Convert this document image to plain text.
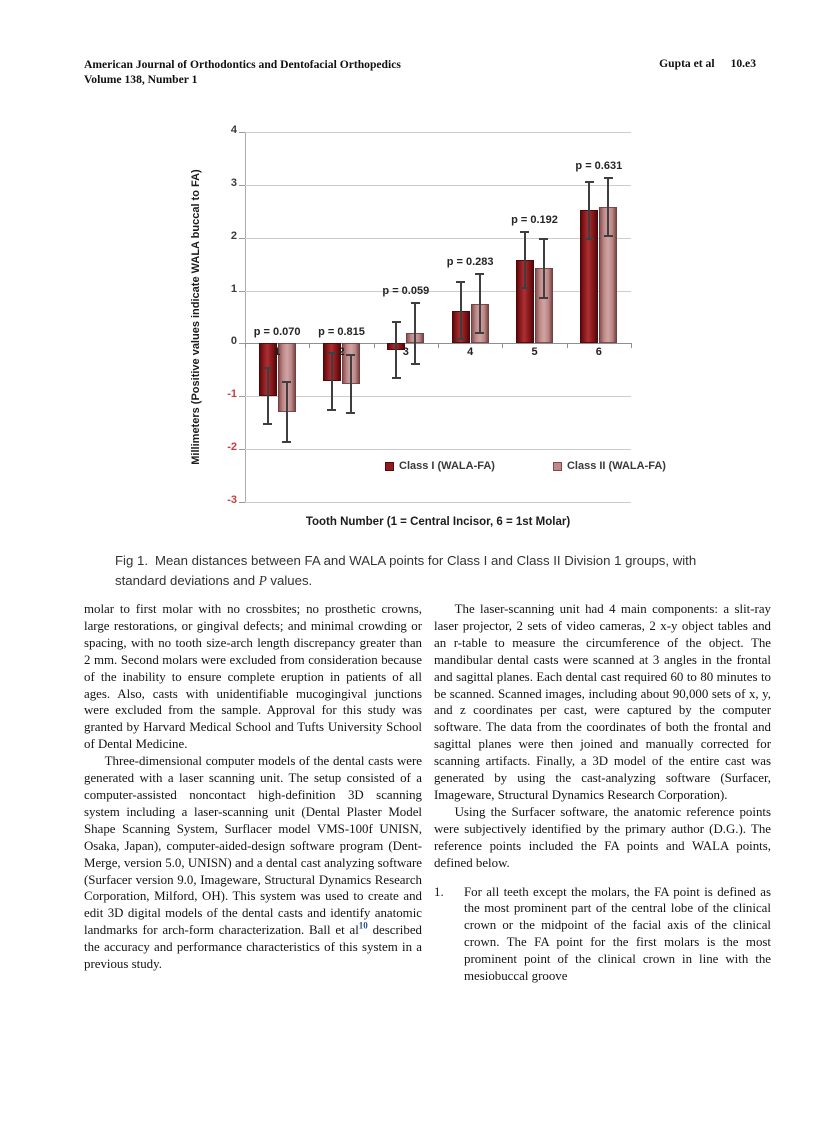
American Journal of Orthodontics and Dentofacial Orthopedics
Volume 138, Number 1
Gupta et al 10.e3
Millimeters (Positive values indicate WALA buccal to FA)
Class I (WALA-FA)	Class II (WALA-FA)
p = 0.070	p = 0.815
p = 0.059
p = 0.283
p = 0.192
p = 0.631
1	2	3	4	5	6
Tooth Number (1 = Central Incisor, 6 = 1st Molar)
4
3
2
1
0
-1
-2
-3
Fig 1. Mean distances between FA and WALA points for Class I and Class II Division 1 groups, with standard deviations and P values.

molar to first molar with no crossbites; no prosthetic crowns, large restorations, or gingival defects; and minimal crowding or spacing, with no tooth size-arch length discrepancy greater than 2 mm. Second molars were excluded from consideration because of the inability to ensure complete eruption in patients of all ages. Also, casts with unidentifiable mucogingival junctions were excluded from the sample. Approval for this study was granted by Harvard Medical School and Tufts University School of Dental Medicine.

Three-dimensional computer models of the dental casts were generated with a laser scanning unit. The setup consisted of a computer-assisted noncontact high-definition 3D scanning system including a laser-scanning unit (Dental Plaster Model Shape Scanning System, Surflacer model VMS-100f UNISN, Osaka, Japan), computer-aided-design software program (Dent-Merge, version 5.0, UNISN) and a dental cast analyzing software (Surfacer version 9.0, Imageware, Structural Dynamics Research Corporation, Milford, OH). This system was used to create and edit 3D digital models of the dental casts and identify anatomic landmarks for arch-form characterization. Ball et al$^{10}$ described the accuracy and performance characteristics of this system in a previous study.

The laser-scanning unit had 4 main components: a slit-ray laser projector, 2 sets of video cameras, 2 x-y object tables and an r-table to measure the circumference of the object. The mandibular dental casts were scanned at 3 angles in the frontal and sagittal planes. Each dental cast required 60 to 80 minutes to be scanned. Scanned images, including about 90,000 sets of x, y, and z coordinates per cast, were captured by the computer software. The data from the coordinates of both the frontal and sagittal planes were then joined and manually corrected for scanning artifacts. Finally, a 3D model of the entire cast was generated by using the cast-analyzing software (Surfacer, Imageware, Structural Dynamics Research Corporation).

Using the Surfacer software, the anatomic reference points were subjectively identified by the primary author (D.G.). The reference points included the FA points and WALA points, defined below.

1. For all teeth except the molars, the FA point is defined as the most prominent part of the central lobe of the clinical crown or the midpoint of the facial axis of the clinical crown. The FA point for the first molars is the most prominent point of the clinical crown in line with the mesiobuccal groove
